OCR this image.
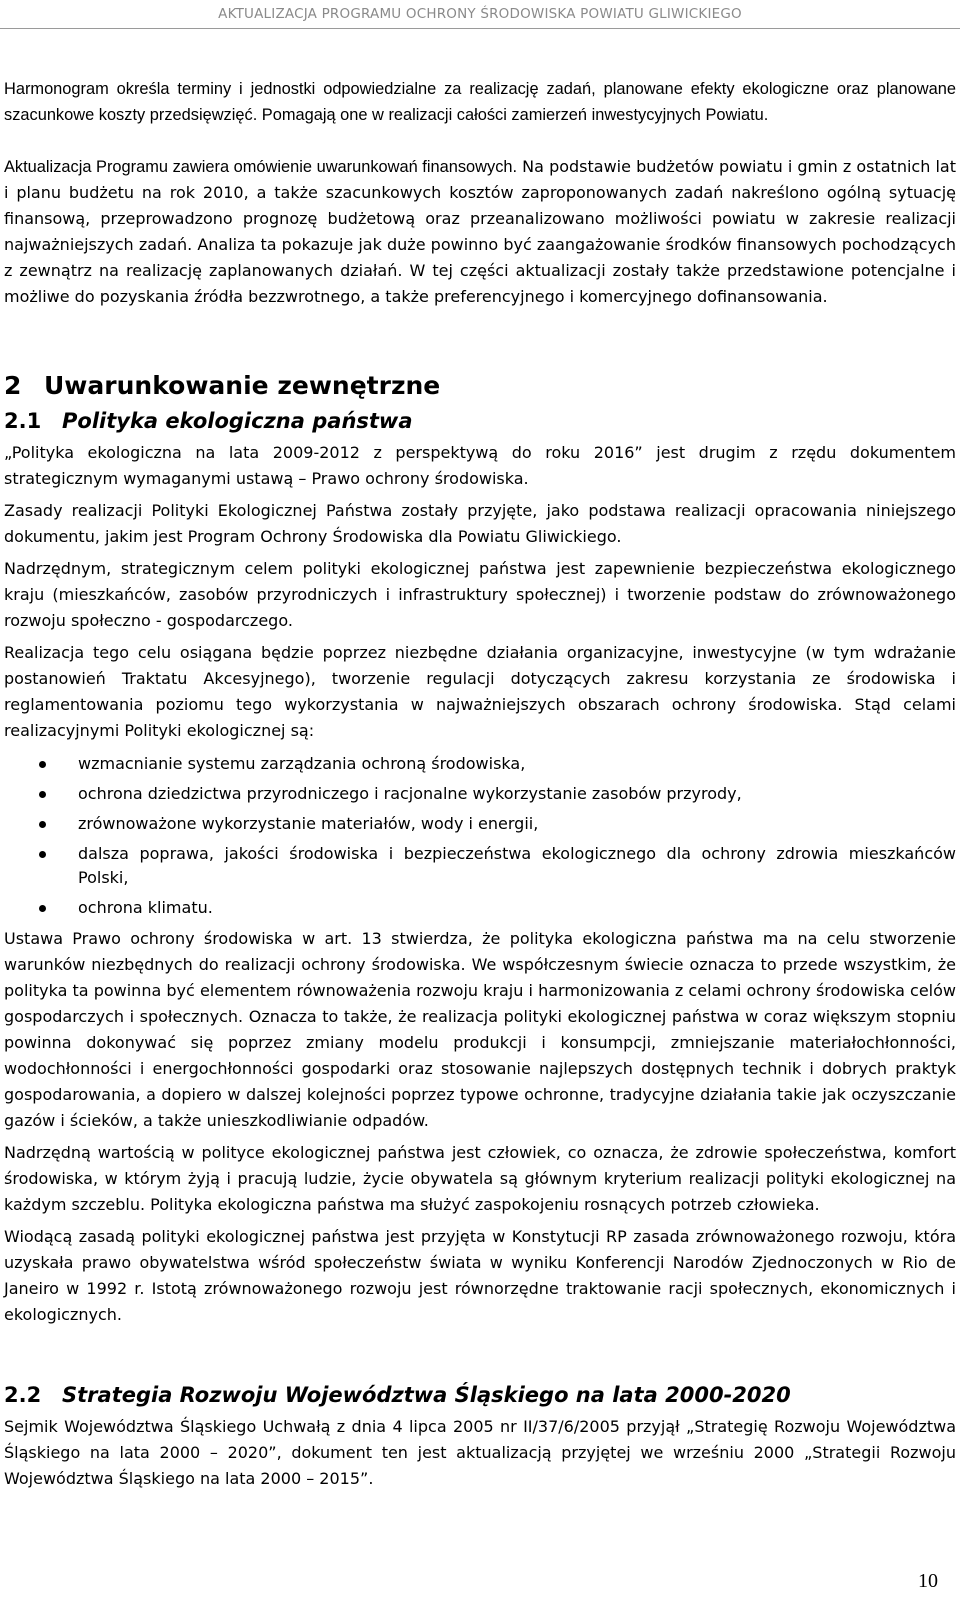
AKTUALIZACJA PROGRAMU OCHRONY ŚRODOWISKA POWIATU GLIWICKIEGO

Harmonogram określa terminy i jednostki odpowiedzialne za realizację zadań, planowane efekty ekologiczne oraz planowane szacunkowe koszty przedsięwzięć. Pomagają one w realizacji całości zamierzeń inwestycyjnych Powiatu.

Aktualizacja Programu zawiera omówienie uwarunkowań finansowych. Na podstawie budżetów powiatu i gmin z ostatnich lat i planu budżetu na rok 2010, a także szacunkowych kosztów zaproponowanych zadań nakreślono ogólną sytuację finansową, przeprowadzono prognozę budżetową oraz przeanalizowano możliwości powiatu w zakresie realizacji najważniejszych zadań. Analiza ta pokazuje jak duże powinno być zaangażowanie środków finansowych pochodzących z zewnątrz na realizację zaplanowanych działań. W tej części aktualizacji zostały także przedstawione potencjalne i możliwe do pozyskania źródła bezzwrotnego, a także preferencyjnego i komercyjnego dofinansowania.

2 Uwarunkowanie zewnętrzne
2.1 Polityka ekologiczna państwa

„Polityka ekologiczna na lata 2009-2012 z perspektywą do roku 2016” jest drugim z rzędu dokumentem strategicznym wymaganymi ustawą – Prawo ochrony środowiska.

Zasady realizacji Polityki Ekologicznej Państwa zostały przyjęte, jako podstawa realizacji opracowania niniejszego dokumentu, jakim jest Program Ochrony Środowiska dla Powiatu Gliwickiego.

Nadrzędnym, strategicznym celem polityki ekologicznej państwa jest zapewnienie bezpieczeństwa ekologicznego kraju (mieszkańców, zasobów przyrodniczych i infrastruktury społecznej) i tworzenie podstaw do zrównoważonego rozwoju społeczno - gospodarczego.

Realizacja tego celu osiągana będzie poprzez niezbędne działania organizacyjne, inwestycyjne (w tym wdrażanie postanowień Traktatu Akcesyjnego), tworzenie regulacji dotyczących zakresu korzystania ze środowiska i reglamentowania poziomu tego wykorzystania w najważniejszych obszarach ochrony środowiska. Stąd celami realizacyjnymi Polityki ekologicznej są:

wzmacnianie systemu zarządzania ochroną środowiska,
ochrona dziedzictwa przyrodniczego i racjonalne wykorzystanie zasobów przyrody,
zrównoważone wykorzystanie materiałów, wody i energii,
dalsza poprawa, jakości środowiska i bezpieczeństwa ekologicznego dla ochrony zdrowia mieszkańców Polski,
ochrona klimatu.

Ustawa Prawo ochrony środowiska w art. 13 stwierdza, że polityka ekologiczna państwa ma na celu stworzenie warunków niezbędnych do realizacji ochrony środowiska. We współczesnym świecie oznacza to przede wszystkim, że polityka ta powinna być elementem równoważenia rozwoju kraju i harmonizowania z celami ochrony środowiska celów gospodarczych i społecznych. Oznacza to także, że realizacja polityki ekologicznej państwa w coraz większym stopniu powinna dokonywać się poprzez zmiany modelu produkcji i konsumpcji, zmniejszanie materiałochłonności, wodochłonności i energochłonności gospodarki oraz stosowanie najlepszych dostępnych technik i dobrych praktyk gospodarowania, a dopiero w dalszej kolejności poprzez typowe ochronne, tradycyjne działania takie jak oczyszczanie gazów i ścieków, a także unieszkodliwianie odpadów.

Nadrzędną wartością w polityce ekologicznej państwa jest człowiek, co oznacza, że zdrowie społeczeństwa, komfort środowiska, w którym żyją i pracują ludzie, życie obywatela są głównym kryterium realizacji polityki ekologicznej na każdym szczeblu. Polityka ekologiczna państwa ma służyć zaspokojeniu rosnących potrzeb człowieka.

Wiodącą zasadą polityki ekologicznej państwa jest przyjęta w Konstytucji RP zasada zrównoważonego rozwoju, która uzyskała prawo obywatelstwa wśród społeczeństw świata w wyniku Konferencji Narodów Zjednoczonych w Rio de Janeiro w 1992 r. Istotą zrównoważonego rozwoju jest równorzędne traktowanie racji społecznych, ekonomicznych i ekologicznych.

2.2 Strategia Rozwoju Województwa Śląskiego na lata 2000-2020

Sejmik Województwa Śląskiego Uchwałą z dnia 4 lipca 2005 nr II/37/6/2005 przyjął „Strategię Rozwoju Województwa Śląskiego na lata 2000 – 2020”, dokument ten jest aktualizacją przyjętej we wrześniu 2000 „Strategii Rozwoju Województwa Śląskiego na lata 2000 – 2015”.

10
